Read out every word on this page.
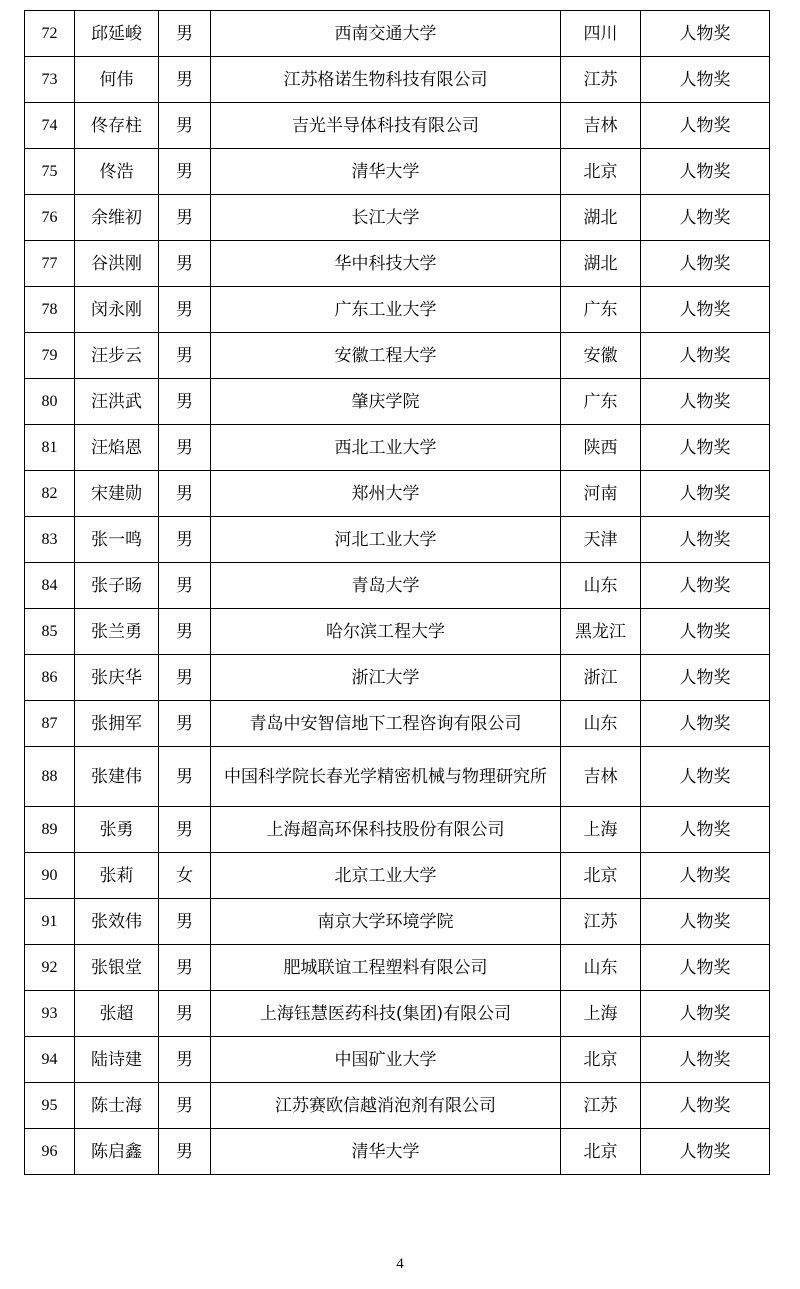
72	邱延峻	男	西南交通大学	四川	人物奖
73	何伟	男	江苏格诺生物科技有限公司	江苏	人物奖
74	佟存柱	男	吉光半导体科技有限公司	吉林	人物奖
75	佟浩	男	清华大学	北京	人物奖
76	余维初	男	长江大学	湖北	人物奖
77	谷洪刚	男	华中科技大学	湖北	人物奖
78	闵永刚	男	广东工业大学	广东	人物奖
79	汪步云	男	安徽工程大学	安徽	人物奖
80	汪洪武	男	肇庆学院	广东	人物奖
81	汪焰恩	男	西北工业大学	陕西	人物奖
82	宋建勋	男	郑州大学	河南	人物奖
83	张一鸣	男	河北工业大学	天津	人物奖
84	张子旸	男	青岛大学	山东	人物奖
85	张兰勇	男	哈尔滨工程大学	黑龙江	人物奖
86	张庆华	男	浙江大学	浙江	人物奖
87	张拥军	男	青岛中安智信地下工程咨询有限公司	山东	人物奖
88	张建伟	男	中国科学院长春光学精密机械与物理研究所	吉林	人物奖
89	张勇	男	上海超高环保科技股份有限公司	上海	人物奖
90	张莉	女	北京工业大学	北京	人物奖
91	张效伟	男	南京大学环境学院	江苏	人物奖
92	张银堂	男	肥城联谊工程塑料有限公司	山东	人物奖
93	张超	男	上海钰慧医药科技(集团)有限公司	上海	人物奖
94	陆诗建	男	中国矿业大学	北京	人物奖
95	陈士海	男	江苏赛欧信越消泡剂有限公司	江苏	人物奖
96	陈启鑫	男	清华大学	北京	人物奖
4
